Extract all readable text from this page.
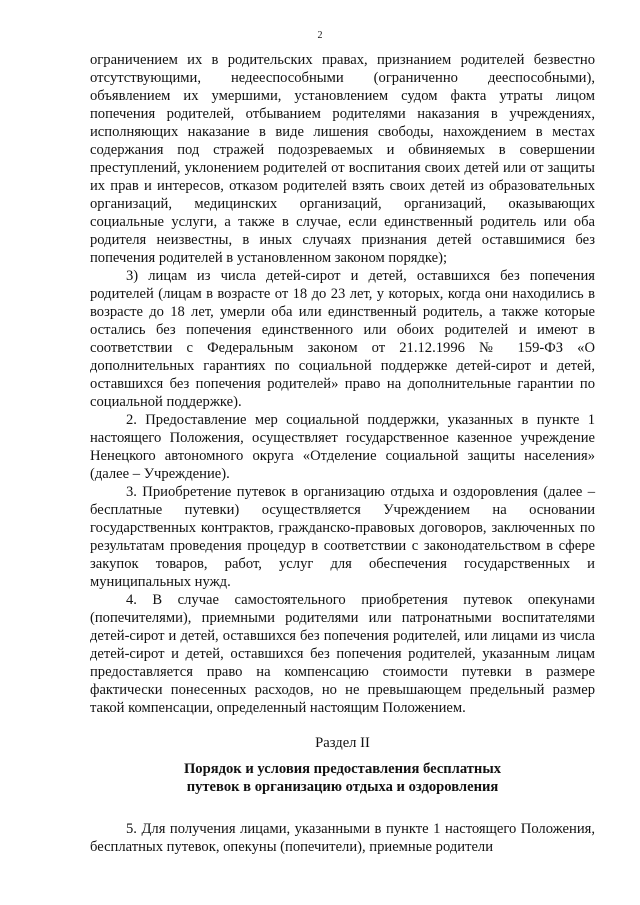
2

ограничением их в родительских правах, признанием родителей безвестно отсутствующими, недееспособными (ограниченно дееспособными), объявлением их умершими, установлением судом факта утраты лицом попечения родителей, отбыванием родителями наказания в учреждениях, исполняющих наказание в виде лишения свободы, нахождением в местах содержания под стражей подозреваемых и обвиняемых в совершении преступлений, уклонением родителей от воспитания своих детей или от защиты их прав и интересов, отказом родителей взять своих детей из образовательных организаций, медицинских организаций, организаций, оказывающих социальные услуги, а также в случае, если единственный родитель или оба родителя неизвестны, в иных случаях признания детей оставшимися без попечения родителей в установленном законом порядке);

3) лицам из числа детей-сирот и детей, оставшихся без попечения родителей (лицам в возрасте от 18 до 23 лет, у которых, когда они находились в возрасте до 18 лет, умерли оба или единственный родитель, а также которые остались без попечения единственного или обоих родителей и имеют в соответствии с Федеральным законом от 21.12.1996 № 159-ФЗ «О дополнительных гарантиях по социальной поддержке детей-сирот и детей, оставшихся без попечения родителей» право на дополнительные гарантии по социальной поддержке).

2. Предоставление мер социальной поддержки, указанных в пункте 1 настоящего Положения, осуществляет государственное казенное учреждение Ненецкого автономного округа «Отделение социальной защиты населения» (далее – Учреждение).

3. Приобретение путевок в организацию отдыха и оздоровления (далее – бесплатные путевки) осуществляется Учреждением на основании государственных контрактов, гражданско-правовых договоров, заключенных по результатам проведения процедур в соответствии с законодательством в сфере закупок товаров, работ, услуг для обеспечения государственных и муниципальных нужд.

4. В случае самостоятельного приобретения путевок опекунами (попечителями), приемными родителями или патронатными воспитателями детей-сирот и детей, оставшихся без попечения родителей, или лицами из числа детей-сирот и детей, оставшихся без попечения родителей, указанным лицам предоставляется право на компенсацию стоимости путевки в размере фактически понесенных расходов, но не превышающем предельный размер такой компенсации, определенный настоящим Положением.

Раздел II

Порядок и условия предоставления бесплатных

путевок в организацию отдыха и оздоровления

5. Для получения лицами, указанными в пункте 1 настоящего Положения, бесплатных путевок, опекуны (попечители), приемные родители
